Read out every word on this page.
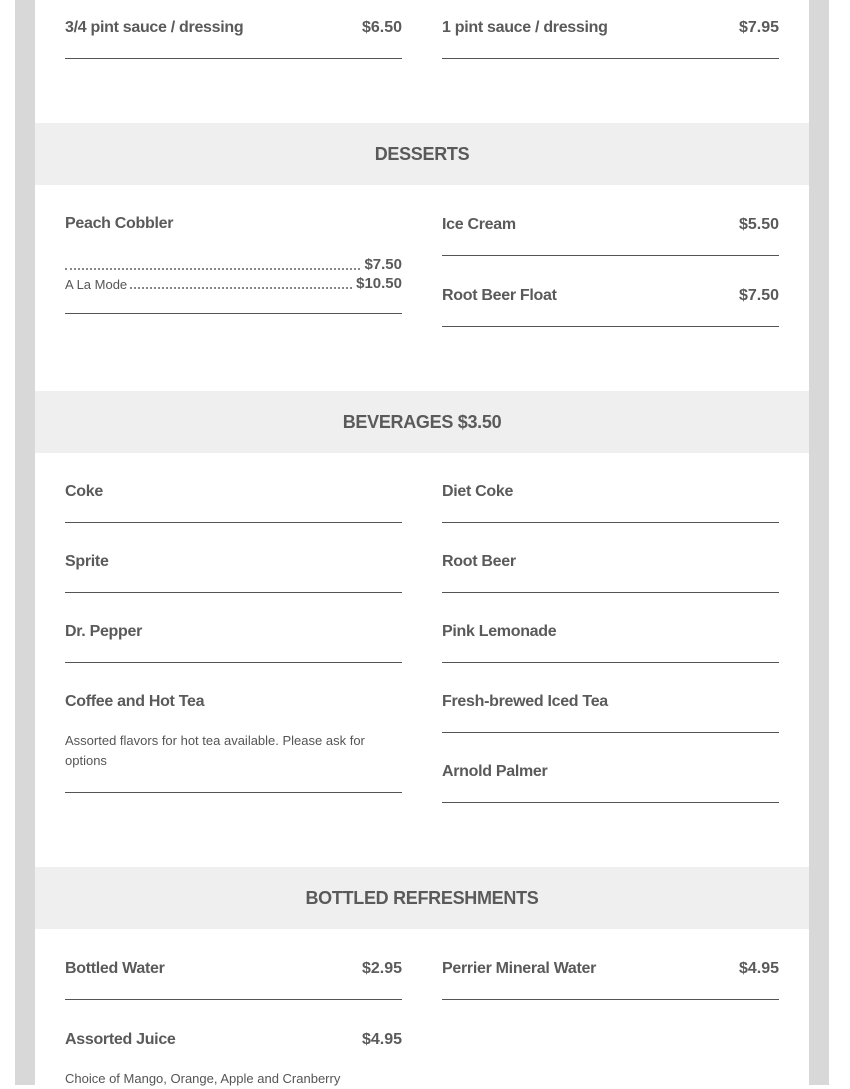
3/4 pint sauce / dressing	$6.50	1 pint sauce / dressing	$7.95
DESSERTS
Peach Cobbler
$7.50
A La Mode	$10.50
Ice Cream	$5.50
Root Beer Float	$7.50
BEVERAGES $3.50
Coke
Sprite
Dr. Pepper
Coffee and Hot Tea
Assorted flavors for hot tea available. Please ask for options
Diet Coke
Root Beer
Pink Lemonade
Fresh-brewed Iced Tea
Arnold Palmer
BOTTLED REFRESHMENTS
Bottled Water	$2.95	Perrier Mineral Water	$4.95
Assorted Juice	$4.95
Choice of Mango, Orange, Apple and Cranberry
